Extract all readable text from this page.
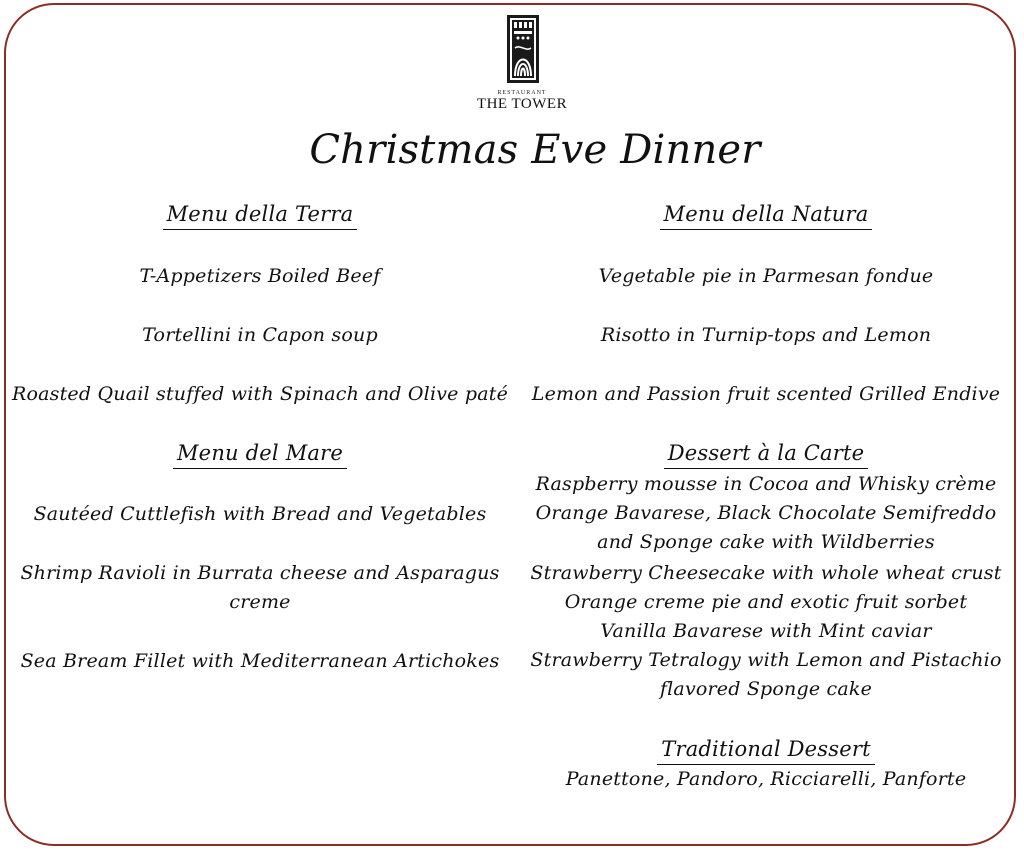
RESTAURANT
THE TOWER
Christmas Eve Dinner
Menu della Terra
T-Appetizers Boiled Beef
Tortellini in Capon soup
Roasted Quail stuffed with Spinach and Olive paté
Menu del Mare
Sautéed Cuttlefish with Bread and Vegetables
Shrimp Ravioli in Burrata cheese and Asparagus creme
Sea Bream Fillet with Mediterranean Artichokes
Menu della Natura
Vegetable pie in Parmesan fondue
Risotto in Turnip-tops and Lemon
Lemon and Passion fruit scented Grilled Endive
Dessert à la Carte
Raspberry mousse in Cocoa and Whisky crème
Orange Bavarese, Black Chocolate Semifreddo and Sponge cake with Wildberries
Strawberry Cheesecake with whole wheat crust
Orange creme pie and exotic fruit sorbet
Vanilla Bavarese with Mint caviar
Strawberry Tetralogy with Lemon and Pistachio flavored Sponge cake
Traditional Dessert
Panettone, Pandoro, Ricciarelli, Panforte
